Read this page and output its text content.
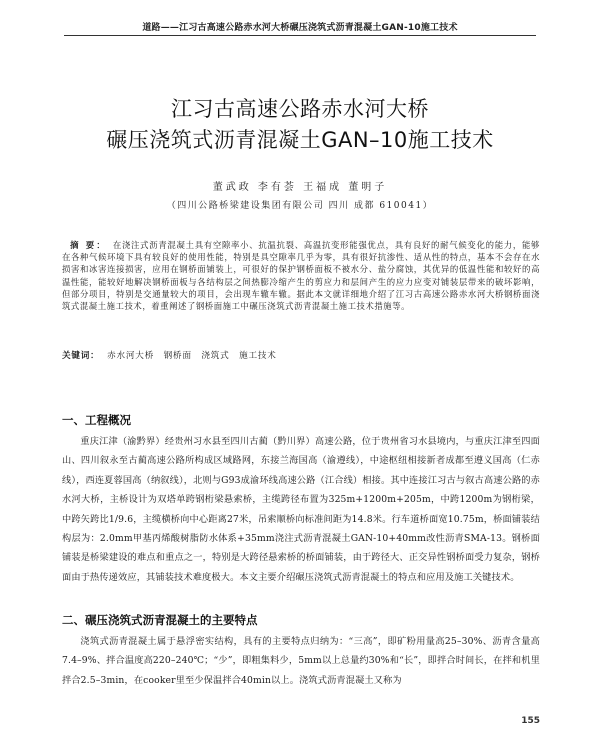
道路——江习古高速公路赤水河大桥碾压浇筑式沥青混凝土GAN-10施工技术
江习古高速公路赤水河大桥
碾压浇筑式沥青混凝土GAN–10施工技术
董武政 李有荟 王福成 董明子
（四川公路桥梁建设集团有限公司 四川 成都 610041）
摘 要： 在浇注式沥青混凝土具有空隙率小、抗温抗裂、高温抗变形能强优点，具有良好的耐气候变化的能力，能够在各种气候环境下具有较良好的使用性能，特别是具空隙率几乎为零，具有很好抗渗性、适从性的特点，基本不会存在水损害和冰害连接损害，应用在钢桥面铺装上，可很好的保护钢桥面板不被水分、盐分腐蚀，其优异的低温性能和较好的高温性能，能较好地解决钢桥面板与各结构层之间热膨冷缩产生的剪应力和层间产生的应力应变对铺装层带来的破坏影响，但部分项目，特别是交通量较大的项目，会出现车辙车辙。据此本文就详细地介绍了江习古高速公路赤水河大桥钢桥面浇筑式混凝土施工技术，着重阐述了钢桥面施工中碾压浇筑式沥青混凝土施工技术措施等。
关键词： 赤水河大桥 钢桥面 浇筑式 施工技术
一、工程概况

重庆江津（渝黔界）经贵州习水县至四川古蔺（黔川界）高速公路，位于贵州省习水县境内，与重庆江津至四面山、四川叙永至古蔺高速公路所构成区域路网，东接兰海国高（渝遵线），中途枢纽相接新者成都至遵义国高（仁赤线），西连夏蓉国高（纳叙线），北则与G93成渝环线高速公路（江合线）相接。其中连接江习古与叙古高速公路的赤水河大桥，主桥设计为双塔单跨钢桁梁悬索桥，主缆跨径布置为325m+1200m+205m，中跨1200m为钢桁梁，中跨矢跨比1/9.6，主缆横桥向中心距离27米，吊索顺桥向标准间距为14.8米。行车道桥面宽10.75m，桥面铺装结构层为：2.0mm甲基丙烯酸树脂防水体系+35mm浇注式沥青混凝土GAN-10+40mm改性沥青SMA-13。钢桥面铺装是桥梁建设的难点和重点之一，特别是大跨径悬索桥的桥面铺装，由于跨径大、正交异性钢桥面受力复杂，钢桥面由于热传递效应，其铺装技术难度极大。本文主要介绍碾压浇筑式沥青混凝土的特点和应用及施工关键技术。

二、碾压浇筑式沥青混凝土的主要特点

浇筑式沥青混凝土属于悬浮密实结构，具有的主要特点归纳为：“三高”，即矿粉用量高25–30%、沥青含量高7.4–9%、拌合温度高220–240℃；“少”，即粗集料少，5mm以上总量约30%和“长”，即拌合时间长，在拌和机里拌合2.5–3min，在cooker里至少保温拌合40min以上。浇筑式沥青混凝土又称为

155
